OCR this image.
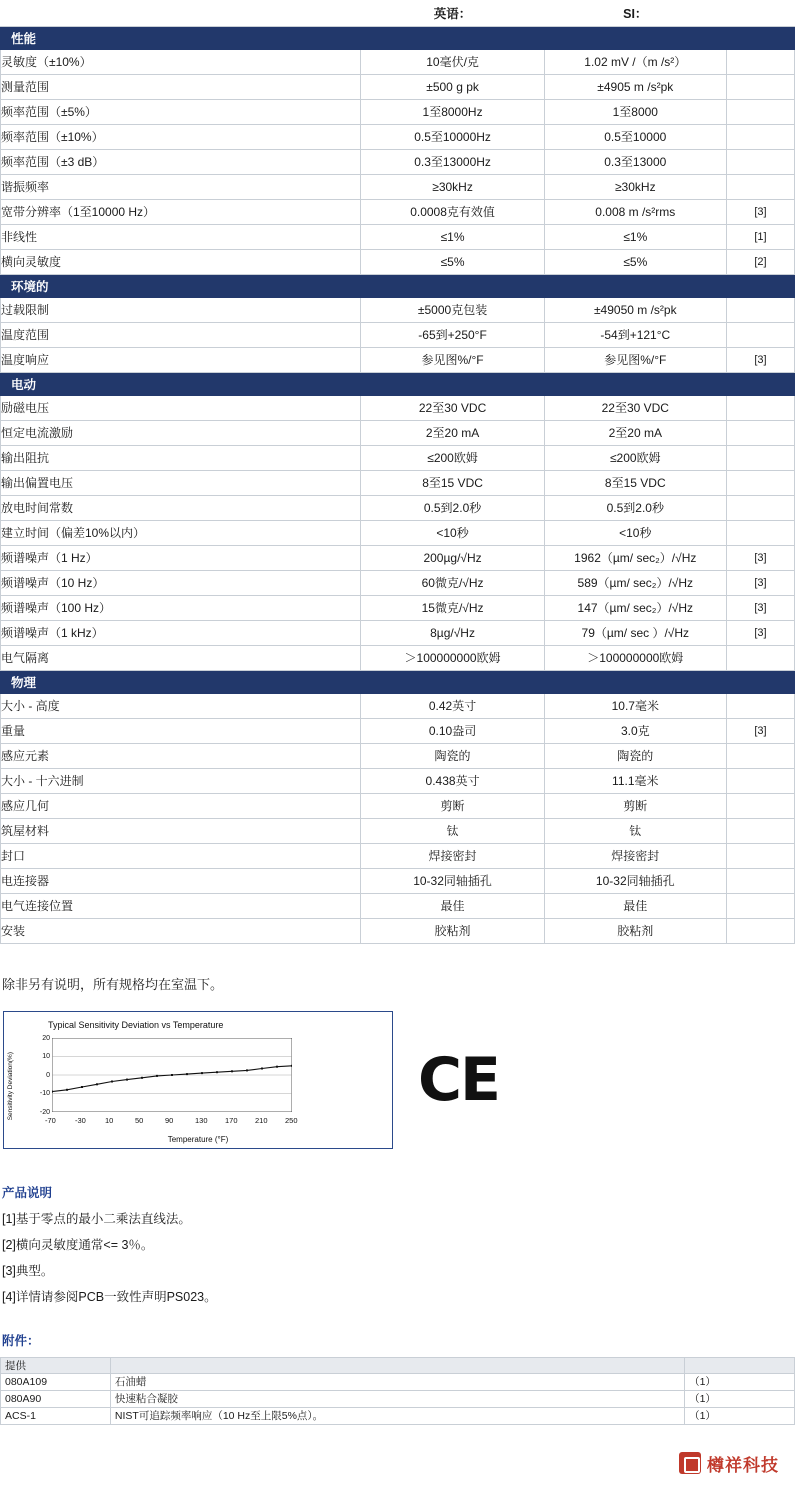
	英语：	SI：	
性能			
灵敏度（±10%）	10毫伏/克	1.02 mV /（m /s²）	
测量范围	±500 g pk	±4905 m /s²pk	
频率范围（±5%）	1至8000Hz	1至8000	
频率范围（±10%）	0.5至10000Hz	0.5至10000	
频率范围（±3 dB）	0.3至13000Hz	0.3至13000	
谐振频率	≥30kHz	≥30kHz	
宽带分辨率（1至10000 Hz）	0.0008克有效值	0.008 m /s²rms	[3]
非线性	≤1%	≤1%	[1]
横向灵敏度	≤5%	≤5%	[2]
环境的			
过载限制	±5000克包装	±49050 m /s²pk	
温度范围	-65到+250°F	-54到+121°C	
温度响应	参见图%/°F	参见图%/°F	[3]
电动			
励磁电压	22至30 VDC	22至30 VDC	
恒定电流激励	2至20 mA	2至20 mA	
输出阻抗	≤200欧姆	≤200欧姆	
输出偏置电压	8至15 VDC	8至15 VDC	
放电时间常数	0.5到2.0秒	0.5到2.0秒	
建立时间（偏差10%以内）	<10秒	<10秒	
频谱噪声（1 Hz）	200µg/√Hz	1962（µm/ sec₂）/√Hz	[3]
频谱噪声（10 Hz）	60微克/√Hz	589（µm/ sec₂）/√Hz	[3]
频谱噪声（100 Hz）	15微克/√Hz	147（µm/ sec₂）/√Hz	[3]
频谱噪声（1 kHz）	8µg/√Hz	79（µm/ sec ）/√Hz	[3]
电气隔离	＞100000000欧姆	＞100000000欧姆	
物理			
大小 - 高度	0.42英寸	10.7毫米	
重量	0.10盎司	3.0克	[3]
感应元素	陶瓷的	陶瓷的	
大小 - 十六进制	0.438英寸	11.1毫米	
感应几何	剪断	剪断	
筑屋材料	钛	钛	
封口	焊接密封	焊接密封	
电连接器	10-32同轴插孔	10-32同轴插孔	
电气连接位置	最佳	最佳	
安装	胶粘剂	胶粘剂	
除非另有说明，所有规格均在室温下。
Typical Sensitivity Deviation vs Temperature
Sensitivity Deviation(%)
20
10
0
-10
-20
-70	-30	10	50	90	130 170 210 250
Temperature (°F)
CE
产品说明
[1]基于零点的最小二乘法直线法。
[2]横向灵敏度通常<= 3％。
[3]典型。
[4]详情请参阅PCB一致性声明PS023。
附件：
提供		
080A109	石油蜡	（1）
080A90	快速粘合凝胶	（1）
ACS-1	NIST可追踪频率响应（10 Hz至上限5%点）。	（1）
樽祥科技
